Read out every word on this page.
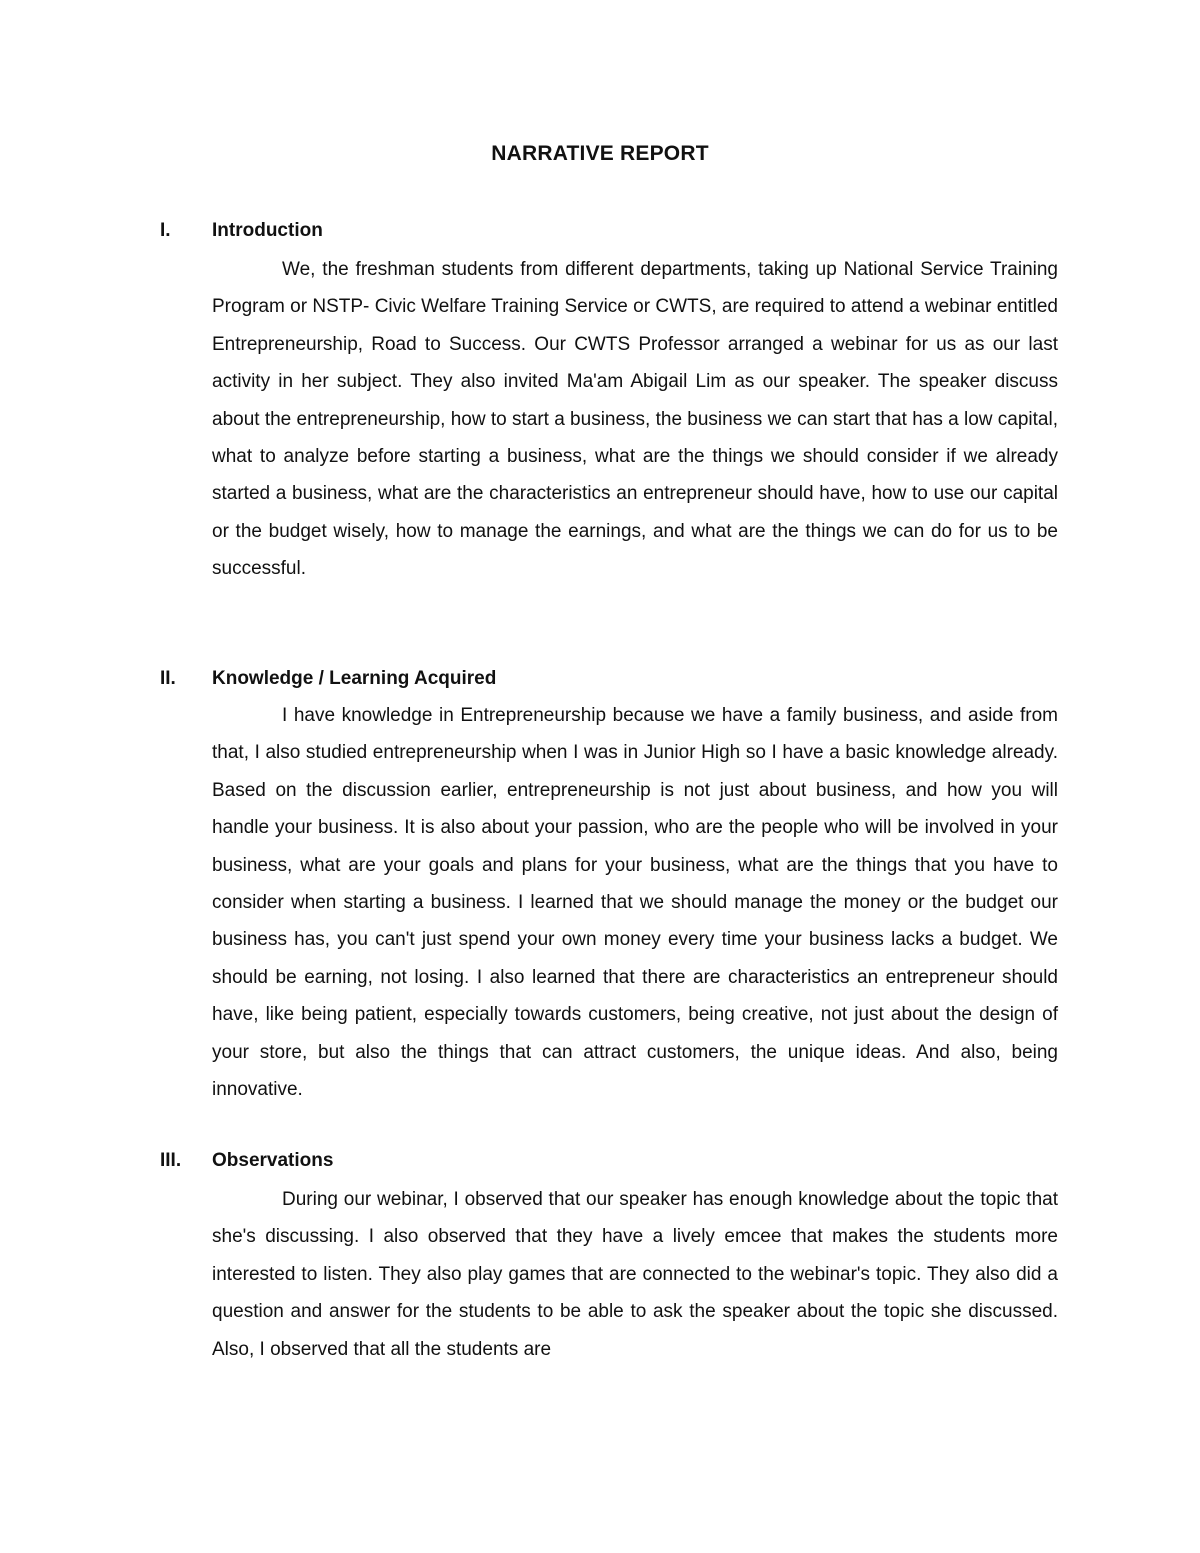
NARRATIVE REPORT
I. Introduction

We, the freshman students from different departments, taking up National Service Training Program or NSTP- Civic Welfare Training Service or CWTS, are required to attend a webinar entitled Entrepreneurship, Road to Success. Our CWTS Professor arranged a webinar for us as our last activity in her subject. They also invited Ma'am Abigail Lim as our speaker. The speaker discuss about the entrepreneurship, how to start a business, the business we can start that has a low capital, what to analyze before starting a business, what are the things we should consider if we already started a business, what are the characteristics an entrepreneur should have, how to use our capital or the budget wisely, how to manage the earnings, and what are the things we can do for us to be successful.

II. Knowledge / Learning Acquired

I have knowledge in Entrepreneurship because we have a family business, and aside from that, I also studied entrepreneurship when I was in Junior High so I have a basic knowledge already. Based on the discussion earlier, entrepreneurship is not just about business, and how you will handle your business. It is also about your passion, who are the people who will be involved in your business, what are your goals and plans for your business, what are the things that you have to consider when starting a business. I learned that we should manage the money or the budget our business has, you can't just spend your own money every time your business lacks a budget. We should be earning, not losing. I also learned that there are characteristics an entrepreneur should have, like being patient, especially towards customers, being creative, not just about the design of your store, but also the things that can attract customers, the unique ideas. And also, being innovative.

III. Observations

During our webinar, I observed that our speaker has enough knowledge about the topic that she's discussing. I also observed that they have a lively emcee that makes the students more interested to listen. They also play games that are connected to the webinar's topic. They also did a question and answer for the students to be able to ask the speaker about the topic she discussed. Also, I observed that all the students are
